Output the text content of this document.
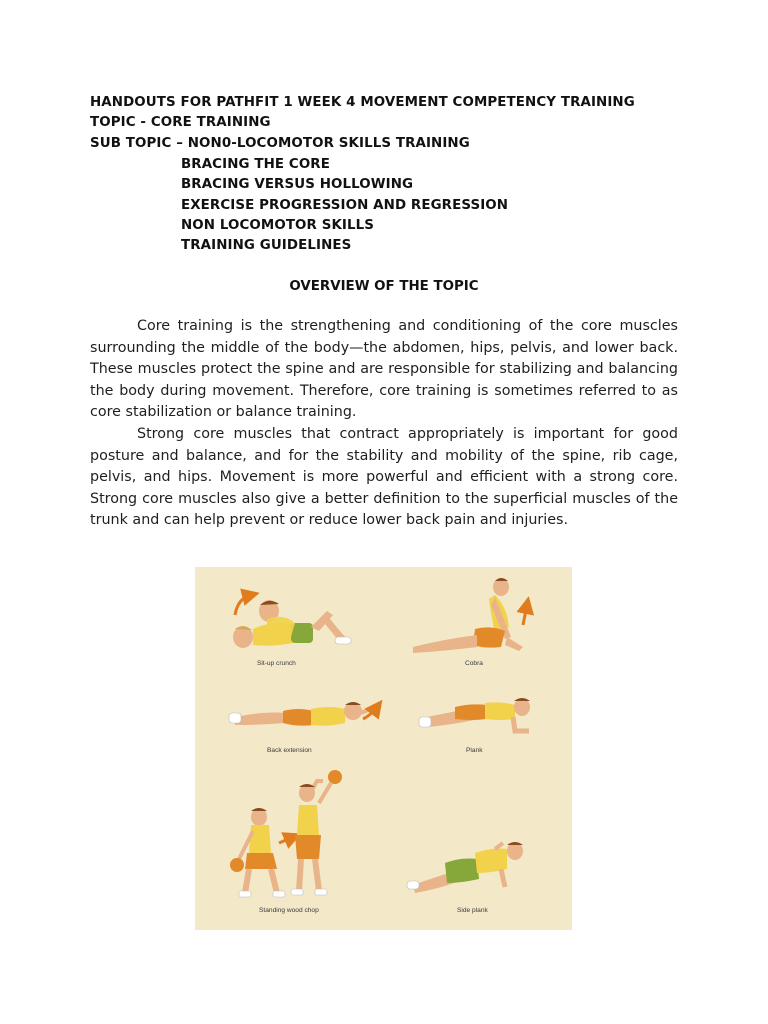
HANDOUTS FOR PATHFIT 1 WEEK 4 MOVEMENT COMPETENCY TRAINING
TOPIC - CORE TRAINING
SUB TOPIC – NON0-LOCOMOTOR SKILLS TRAINING
BRACING THE CORE
BRACING VERSUS HOLLOWING
EXERCISE PROGRESSION AND REGRESSION
NON LOCOMOTOR SKILLS
TRAINING GUIDELINES
OVERVIEW OF THE TOPIC

Core training is the strengthening and conditioning of the core muscles surrounding the middle of the body—the abdomen, hips, pelvis, and lower back. These muscles protect the spine and are responsible for stabilizing and balancing the body during movement. Therefore, core training is sometimes referred to as core stabilization or balance training.

Strong core muscles that contract appropriately is important for good posture and balance, and for the stability and mobility of the spine, rib cage, pelvis, and hips. Movement is more powerful and efficient with a strong core. Strong core muscles also give a better definition to the superficial muscles of the trunk and can help prevent or reduce lower back pain and injuries.

Sit-up crunch	Cobra
Back extension	Plank
Standing wood chop	Side plank
